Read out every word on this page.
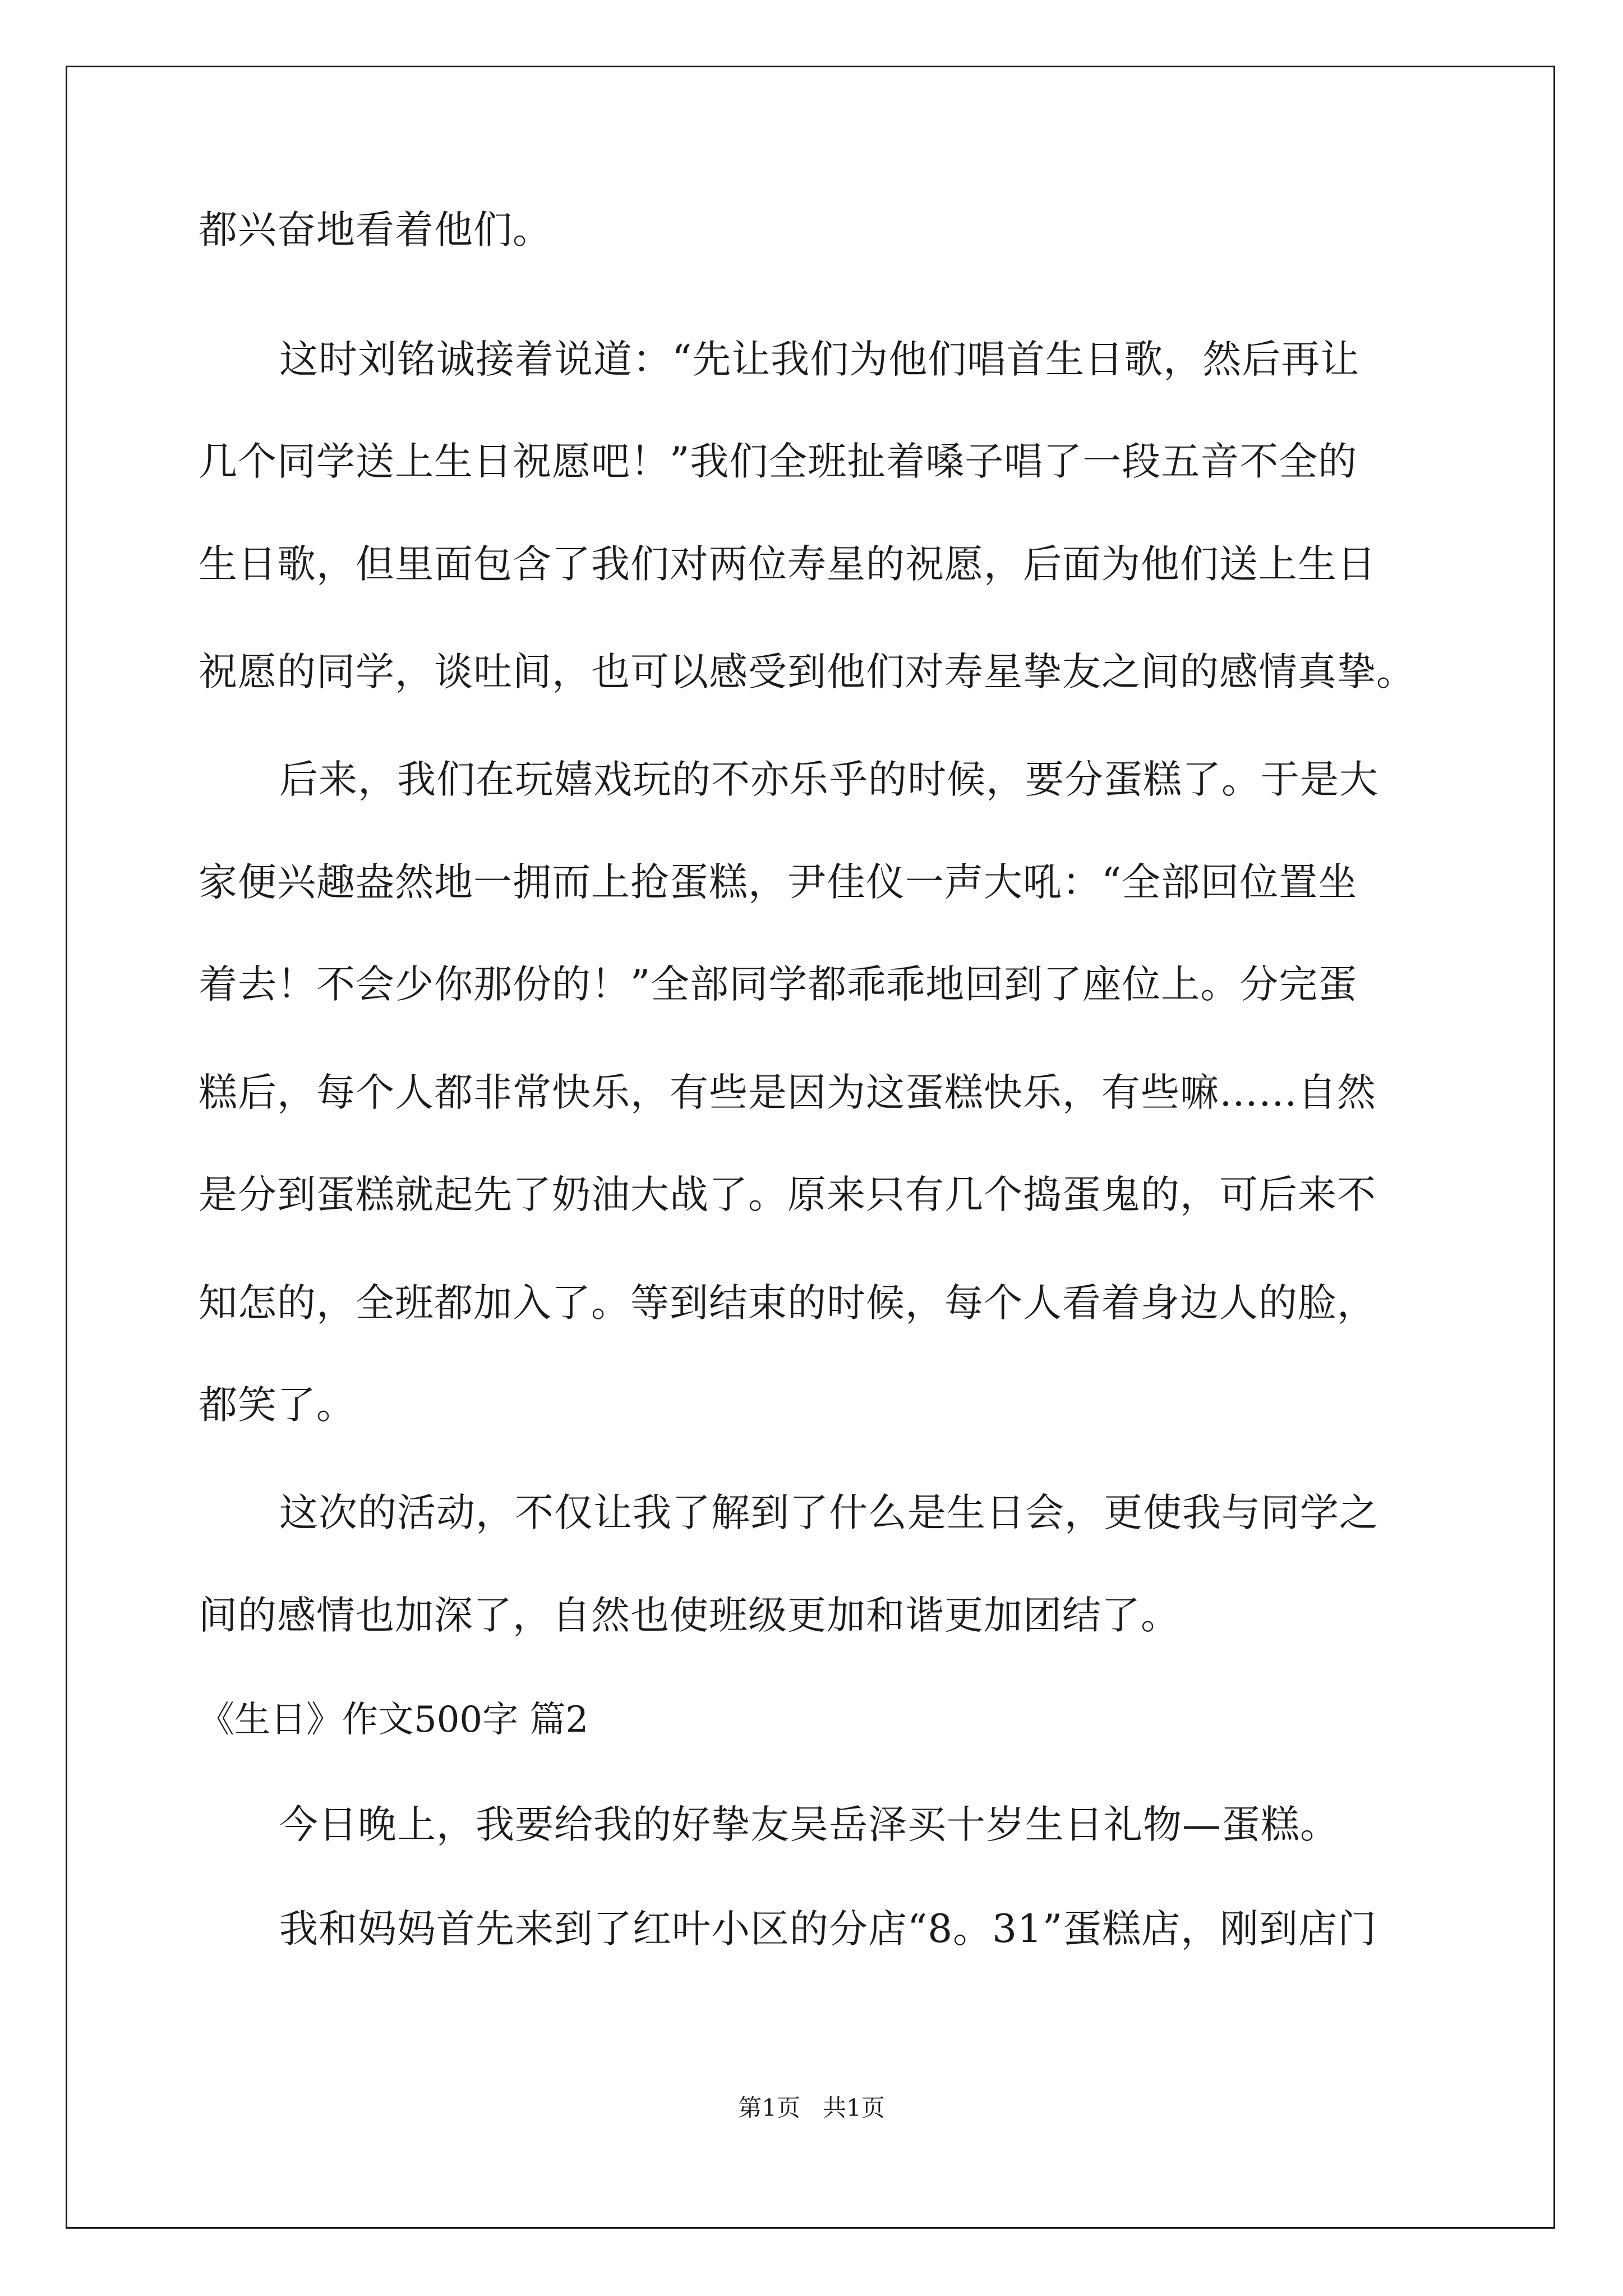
都兴奋地看着他们。
这时刘铭诚接着说道：“先让我们为他们唱首生日歌，然后再让
几个同学送上生日祝愿吧！”我们全班扯着嗓子唱了一段五音不全的
生日歌，但里面包含了我们对两位寿星的祝愿，后面为他们送上生日
祝愿的同学，谈吐间，也可以感受到他们对寿星挚友之间的感情真挚。
后来，我们在玩嬉戏玩的不亦乐乎的时候，要分蛋糕了。于是大
家便兴趣盎然地一拥而上抢蛋糕，尹佳仪一声大吼：“全部回位置坐
着去！不会少你那份的！”全部同学都乖乖地回到了座位上。分完蛋
糕后，每个人都非常快乐，有些是因为这蛋糕快乐，有些嘛……自然
是分到蛋糕就起先了奶油大战了。原来只有几个捣蛋鬼的，可后来不
知怎的，全班都加入了。等到结束的时候，每个人看着身边人的脸，
都笑了。
这次的活动，不仅让我了解到了什么是生日会，更使我与同学之
间的感情也加深了，自然也使班级更加和谐更加团结了。
《生日》作文500字 篇2
今日晚上，我要给我的好挚友吴岳泽买十岁生日礼物—蛋糕。
我和妈妈首先来到了红叶小区的分店“8。31”蛋糕店，刚到店门
第1页   共1页
